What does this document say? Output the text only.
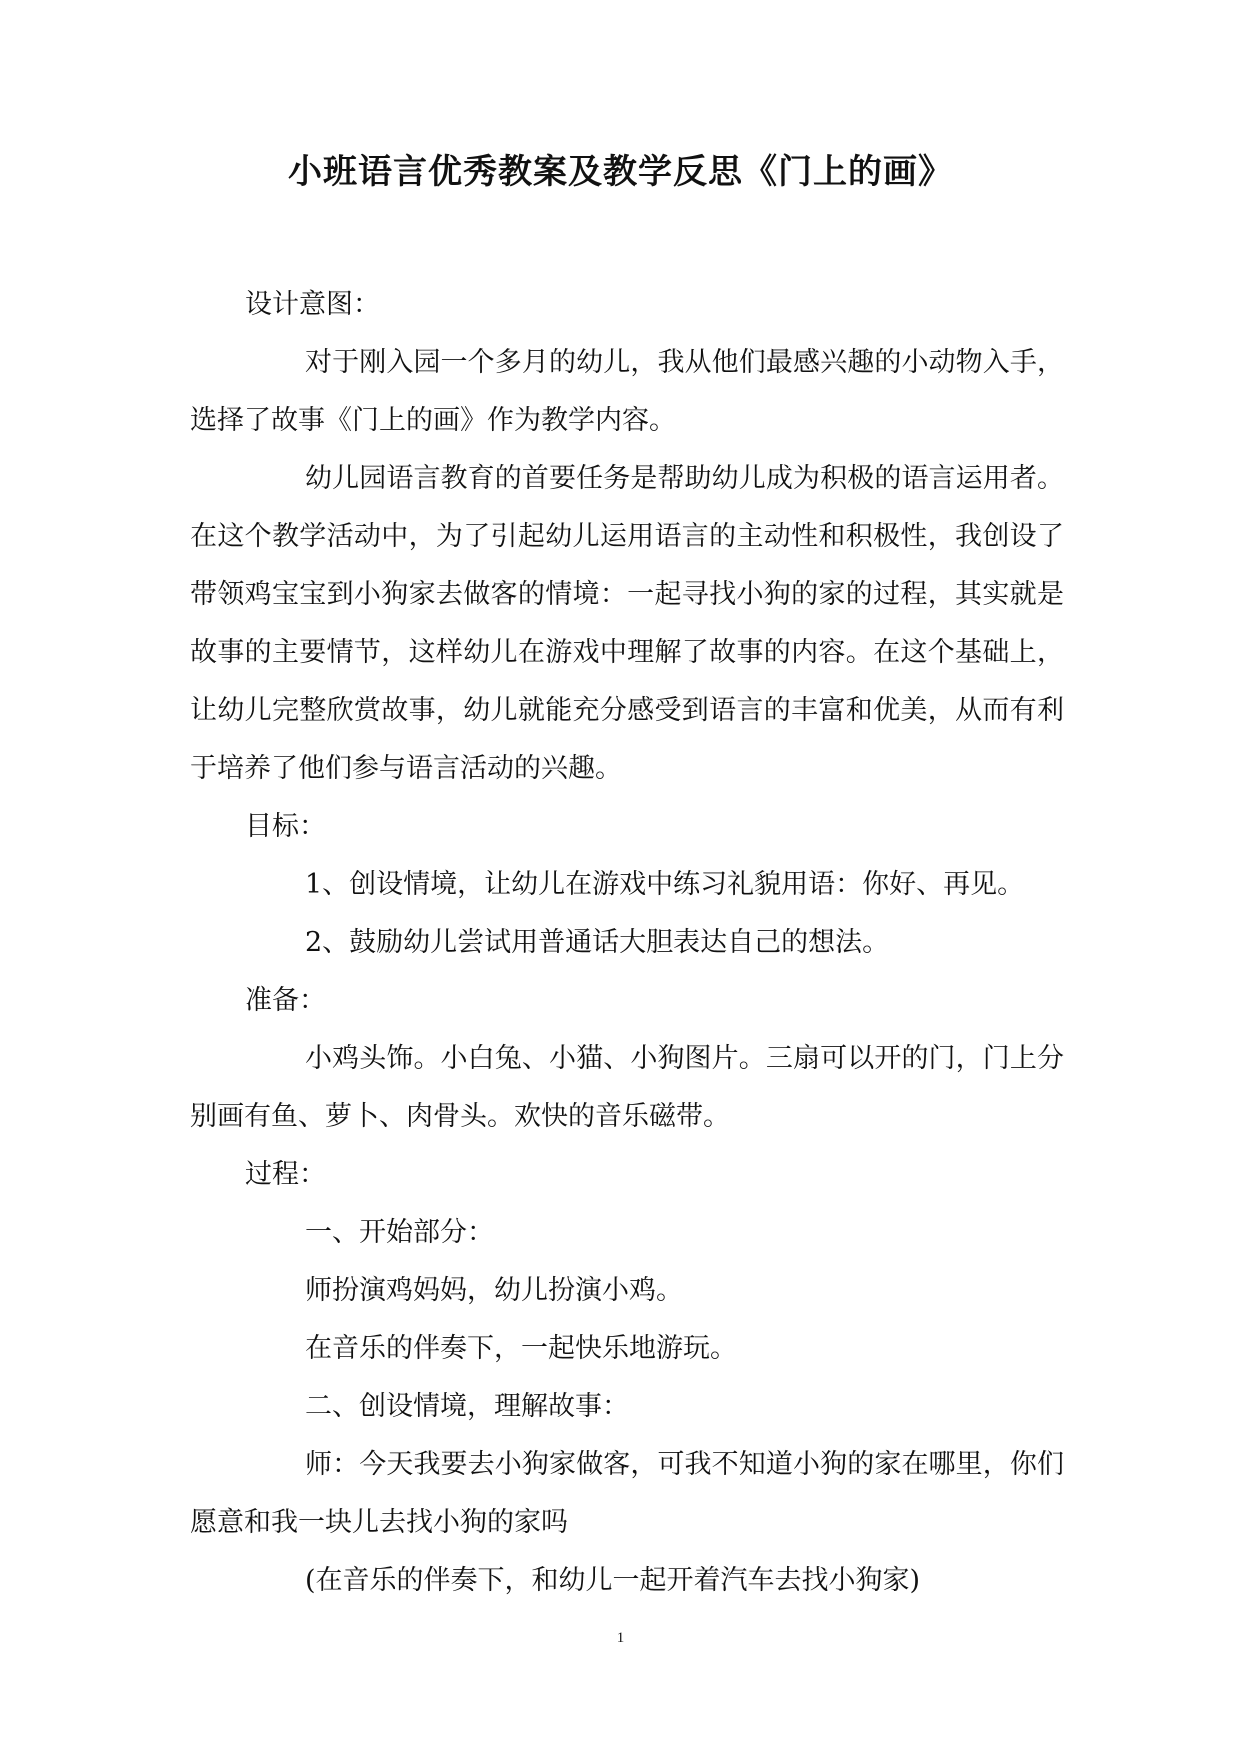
小班语言优秀教案及教学反思《门上的画》

设计意图：

对于刚入园一个多月的幼儿，我从他们最感兴趣的小动物入手，选择了故事《门上的画》作为教学内容。

幼儿园语言教育的首要任务是帮助幼儿成为积极的语言运用者。在这个教学活动中，为了引起幼儿运用语言的主动性和积极性，我创设了带领鸡宝宝到小狗家去做客的情境：一起寻找小狗的家的过程，其实就是故事的主要情节，这样幼儿在游戏中理解了故事的内容。在这个基础上，让幼儿完整欣赏故事，幼儿就能充分感受到语言的丰富和优美，从而有利于培养了他们参与语言活动的兴趣。

目标：

1、创设情境，让幼儿在游戏中练习礼貌用语：你好、再见。

2、鼓励幼儿尝试用普通话大胆表达自己的想法。

准备：

小鸡头饰。小白兔、小猫、小狗图片。三扇可以开的门，门上分别画有鱼、萝卜、肉骨头。欢快的音乐磁带。

过程：

一、开始部分：

师扮演鸡妈妈，幼儿扮演小鸡。

在音乐的伴奏下，一起快乐地游玩。

二、创设情境，理解故事：

师：今天我要去小狗家做客，可我不知道小狗的家在哪里，你们愿意和我一块儿去找小狗的家吗

(在音乐的伴奏下，和幼儿一起开着汽车去找小狗家)

1
